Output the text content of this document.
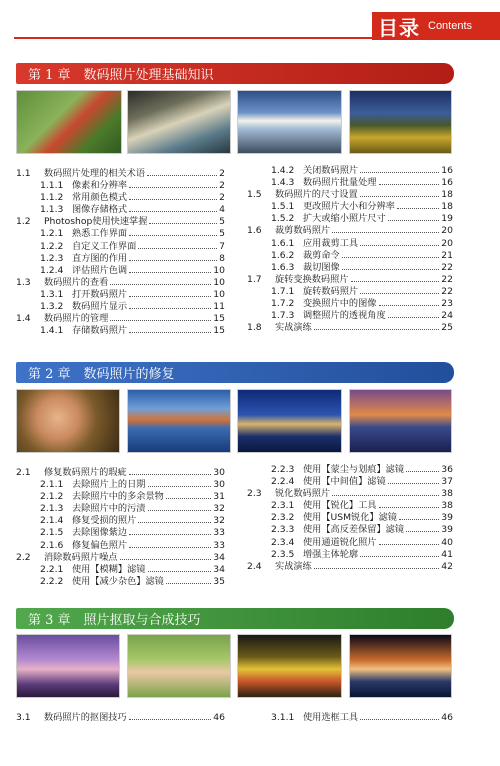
目录 Contents
第 1 章　数码照片处理基础知识
1.1	数码照片处理的相关术语	2
1.1.1 像素和分辨率	2
1.1.2 常用颜色模式	2
1.1.3 图像存储格式	4
1.2	Photoshop使用快速掌握	5
1.2.1 熟悉工作界面	5
1.2.2 自定义工作界面	7
1.2.3 直方图的作用	8
1.2.4 评估照片色调	10
1.3	数码照片的查看	10
1.3.1 打开数码照片	10
1.3.2 数码照片显示	11
1.4	数码照片的管理	15
1.4.1 存储数码照片	15
1.4.2 关闭数码照片	16
1.4.3 数码照片批量处理	16
1.5	数码照片的尺寸设置	18
1.5.1 更改照片大小和分辨率	18
1.5.2 扩大或缩小照片尺寸	19
1.6	裁剪数码照片	20
1.6.1 应用裁剪工具	20
1.6.2 裁剪命令	21
1.6.3 裁切图像	22
1.7	旋转变换数码照片	22
1.7.1 旋转数码照片	22
1.7.2 变换照片中的图像	23
1.7.3 调整照片的透视角度	24
1.8	实战演练	25
第 2 章　数码照片的修复
2.1	修复数码照片的瑕疵	30
2.1.1 去除照片上的日期	30
2.1.2 去除照片中的多余景物	31
2.1.3 去除照片中的污渍	32
2.1.4 修复受损的照片	32
2.1.5 去除图像紫边	33
2.1.6 修复偏色照片	33
2.2	消除数码照片噪点	34
2.2.1 使用【模糊】滤镜	34
2.2.2 使用【减少杂色】滤镜	35
2.2.3 使用【蒙尘与划痕】滤镜	36
2.2.4 使用【中间值】滤镜	37
2.3	锐化数码照片	38
2.3.1 使用【锐化】工具	38
2.3.2 使用【USM锐化】滤镜	39
2.3.3 使用【高反差保留】滤镜	39
2.3.4 使用通道锐化照片	40
2.3.5 增强主体轮廓	41
2.4	实战演练	42
第 3 章　照片抠取与合成技巧
3.1	数码照片的抠图技巧	46	3.1.1 使用选框工具	46
